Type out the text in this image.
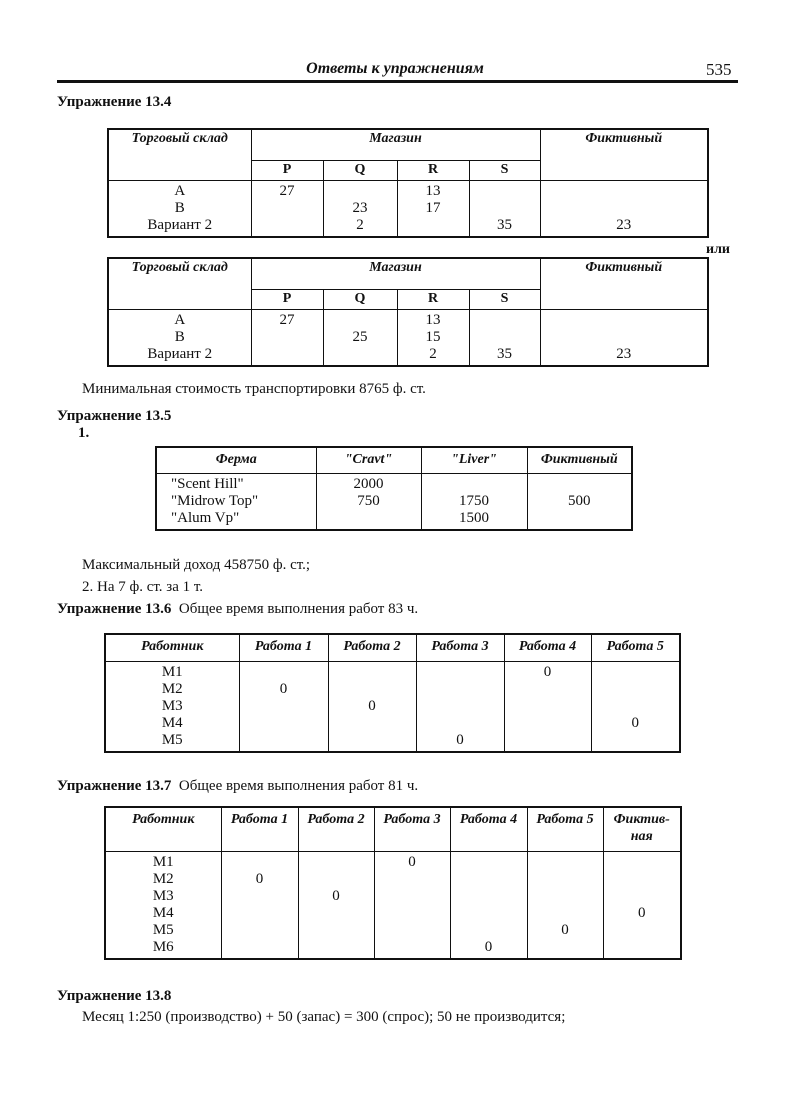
Ответы к упражнениям	535
Упражнение 13.4
Торговый склад	Магазин				Фиктивный
	P	Q	R	S	
A	27		13		
B		23	17		
Вариант 2		2		35	23
или
Торговый склад	Магазин				Фиктивный
	P	Q	R	S	
A	27		13		
B		25	15		
Вариант 2			2	35	23
Минимальная стоимость транспортировки 8765 ф. ст.
Упражнение 13.5
1.
Ферма	"Cravt"	"Liver"	Фиктивный
"Scent Hill"	2000		
"Midrow Top"	750	1750	500
"Alum Vp"		1500	
Максимальный доход 458750 ф. ст.;
2. На 7 ф. ст. за 1 т.
Упражнение 13.6 Общее время выполнения работ 83 ч.
Работник	Работа 1	Работа 2	Работа 3	Работа 4	Работа 5
M1				0	
M2	0				
M3		0			
M4					0
M5			0		
Упражнение 13.7 Общее время выполнения работ 81 ч.
Работник	Работа 1	Работа 2	Работа 3	Работа 4	Работа 5	Фиктив-ная
M1			0			
M2	0					
M3		0				
M4						0
M5					0	
M6				0		
Упражнение 13.8
Месяц 1:250 (производство) + 50 (запас) = 300 (спрос); 50 не производится;
